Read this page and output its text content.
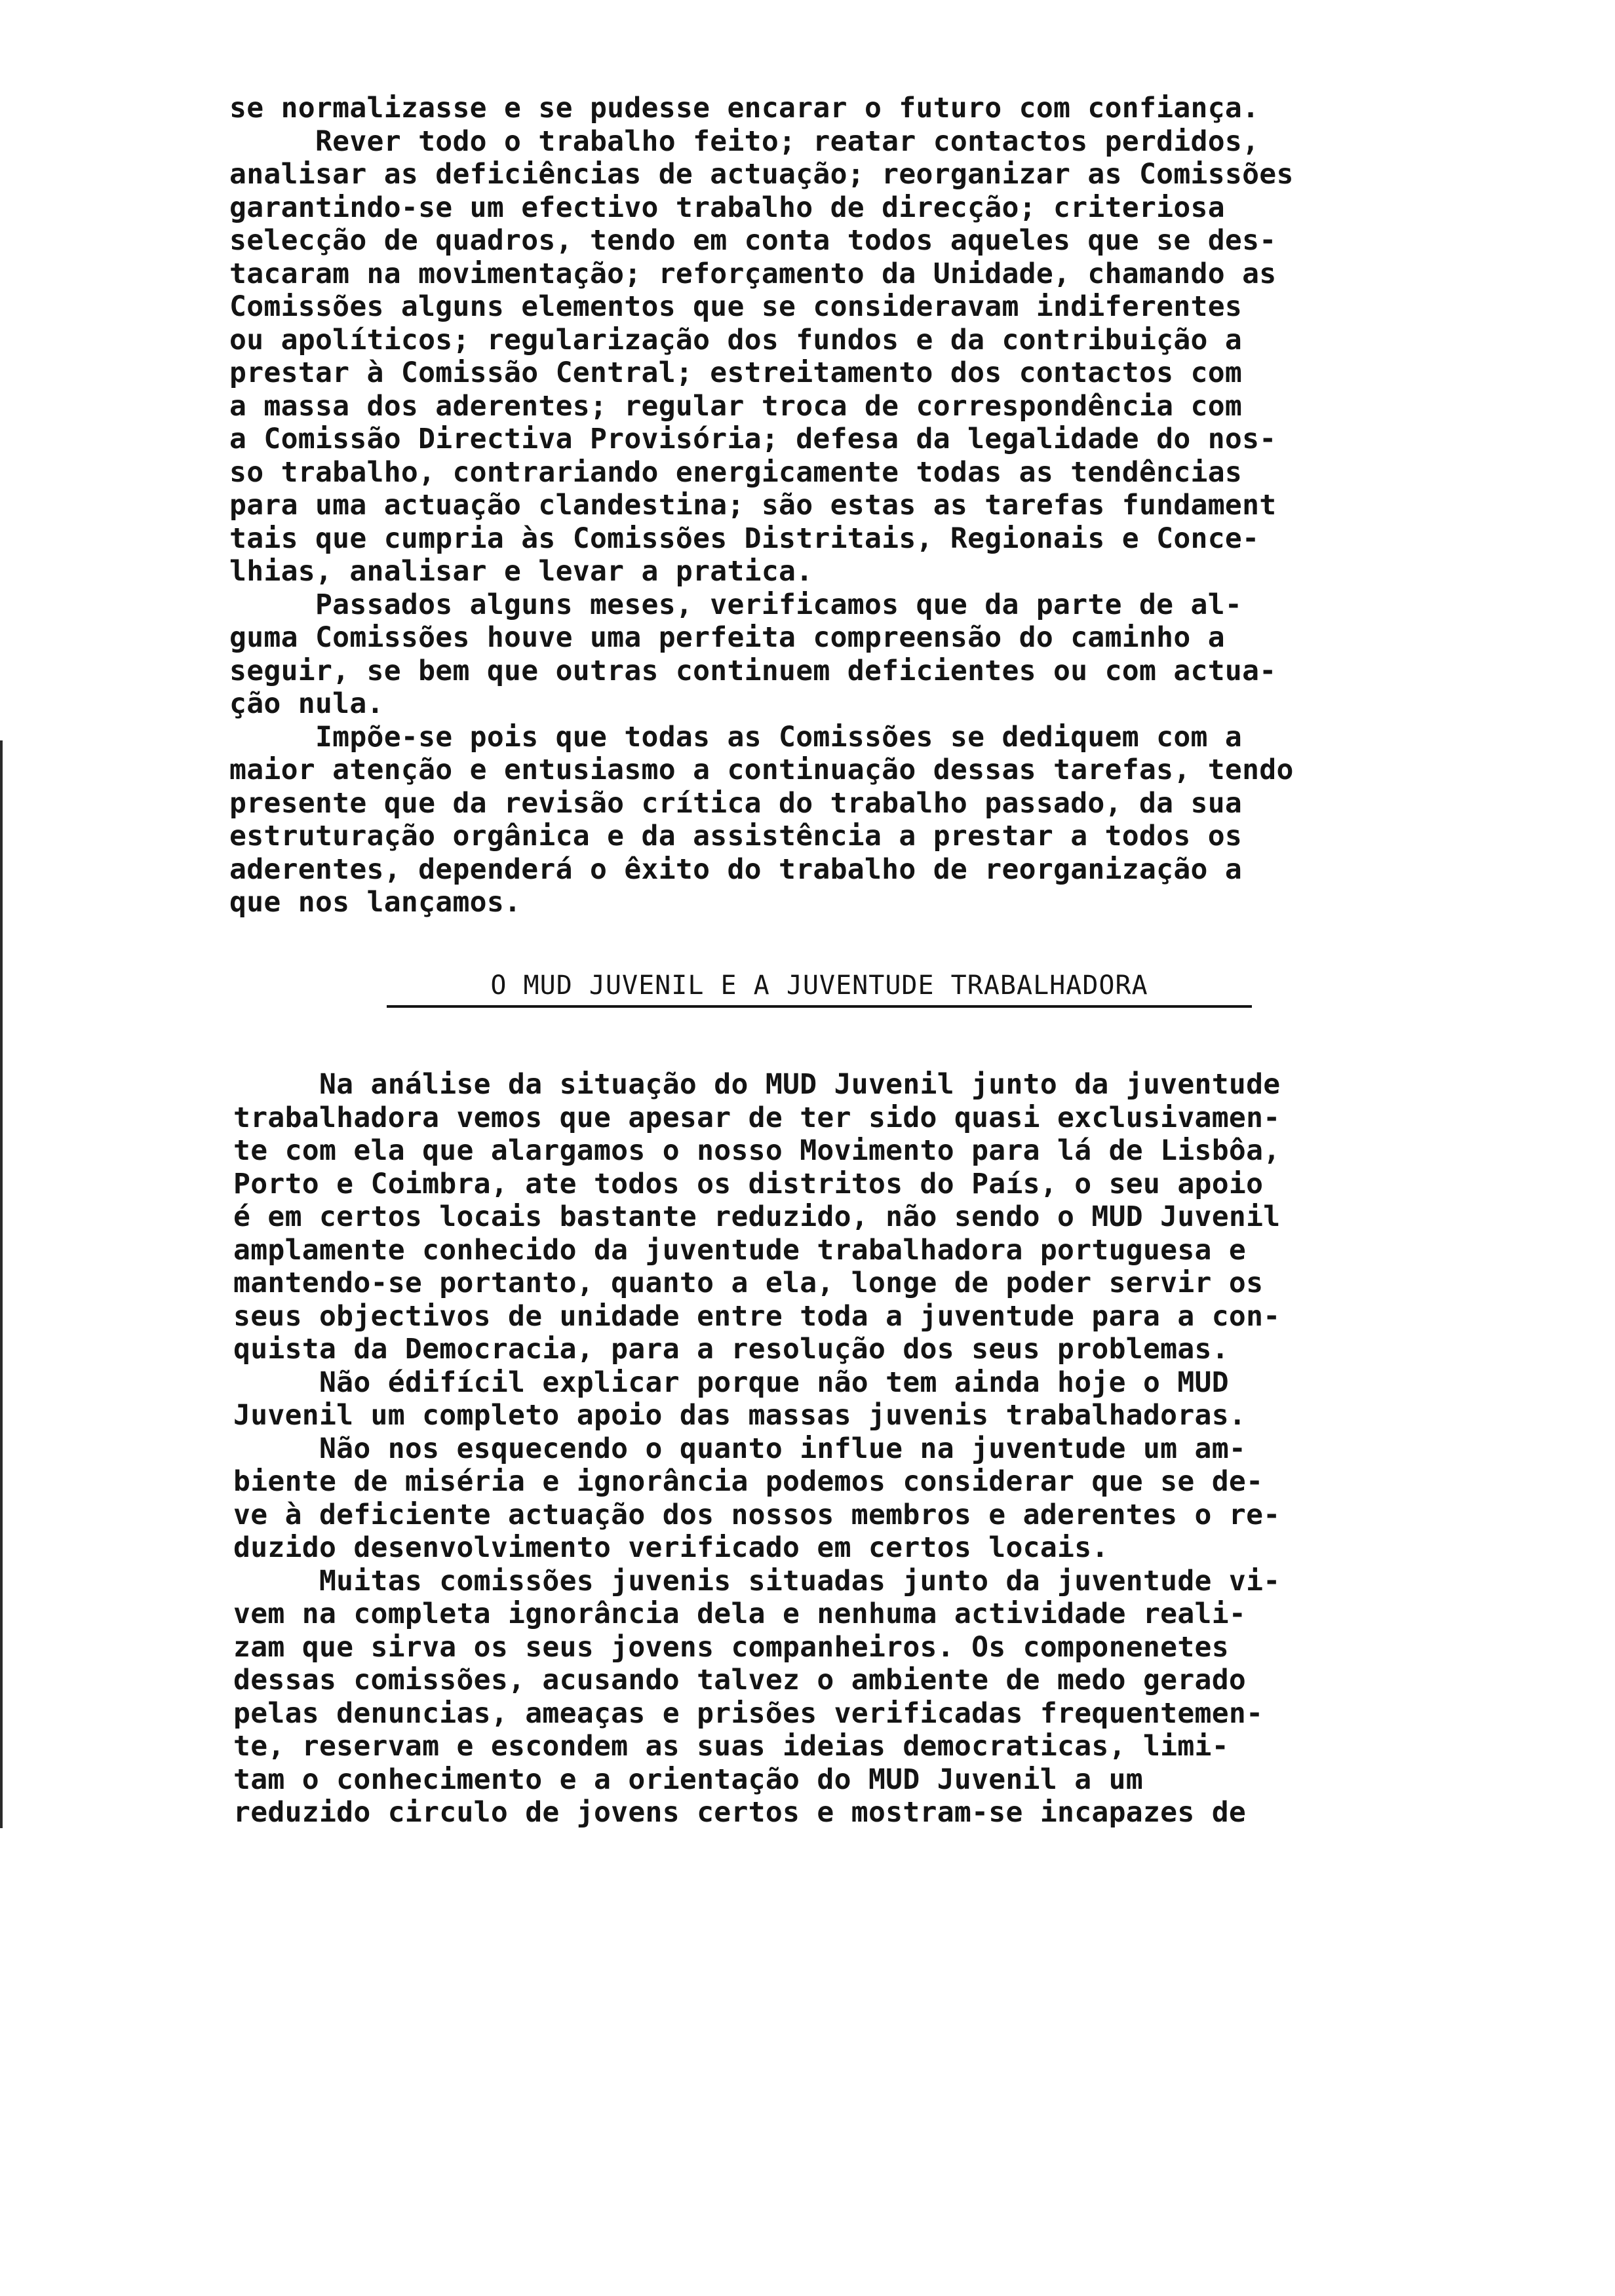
se normalizasse e se pudesse encarar o futuro com confiança.
Rever todo o trabalho feito; reatar contactos perdidos,
analisar as deficiências de actuação; reorganizar as Comissões
garantindo-se um efectivo trabalho de direcção; criteriosa
selecção de quadros, tendo em conta todos aqueles que se des-
tacaram na movimentação; reforçamento da Unidade, chamando as
Comissões alguns elementos que se consideravam indiferentes
ou apolíticos; regularização dos fundos e da contribuição a
prestar à Comissão Central; estreitamento dos contactos com
a massa dos aderentes; regular troca de correspondência com
a Comissão Directiva Provisória; defesa da legalidade do nos-
so trabalho, contrariando energicamente todas as tendências
para uma actuação clandestina; são estas as tarefas fundament
tais que cumpria às Comissões Distritais, Regionais e Conce-
lhias, analisar e levar a pratica.

Passados alguns meses, verificamos que da parte de al-
guma Comissões houve uma perfeita compreensão do caminho a
seguir, se bem que outras continuem deficientes ou com actua-
ção nula.

Impõe-se pois que todas as Comissões se dediquem com a
maior atenção e entusiasmo a continuação dessas tarefas, tendo
presente que da revisão crítica do trabalho passado, da sua
estruturação orgânica e da assistência a prestar a todos os
aderentes, dependerá o êxito do trabalho de reorganização a
que nos lançamos.

O MUD JUVENIL E A JUVENTUDE TRABALHADORA

Na análise da situação do MUD Juvenil junto da juventude
trabalhadora vemos que apesar de ter sido quasi exclusivamen-
te com ela que alargamos o nosso Movimento para lá de Lisbôa,
Porto e Coimbra, ate todos os distritos do País, o seu apoio
é em certos locais bastante reduzido, não sendo o MUD Juvenil
amplamente conhecido da juventude trabalhadora portuguesa e
mantendo-se portanto, quanto a ela, longe de poder servir os
seus objectivos de unidade entre toda a juventude para a con-
quista da Democracia, para a resolução dos seus problemas.

Não édifícil explicar porque não tem ainda hoje o MUD
Juvenil um completo apoio das massas juvenis trabalhadoras.

Não nos esquecendo o quanto influe na juventude um am-
biente de miséria e ignorância podemos considerar que se de-
ve à deficiente actuação dos nossos membros e aderentes o re-
duzido desenvolvimento verificado em certos locais.

Muitas comissões juvenis situadas junto da juventude vi-
vem na completa ignorância dela e nenhuma actividade reali-
zam que sirva os seus jovens companheiros. Os componenetes
dessas comissões, acusando talvez o ambiente de medo gerado
pelas denuncias, ameaças e prisões verificadas frequentemen-
te, reservam e escondem as suas ideias democraticas, limi-
tam o conhecimento e a orientação do MUD Juvenil a um
reduzido circulo de jovens certos e mostram-se incapazes de
